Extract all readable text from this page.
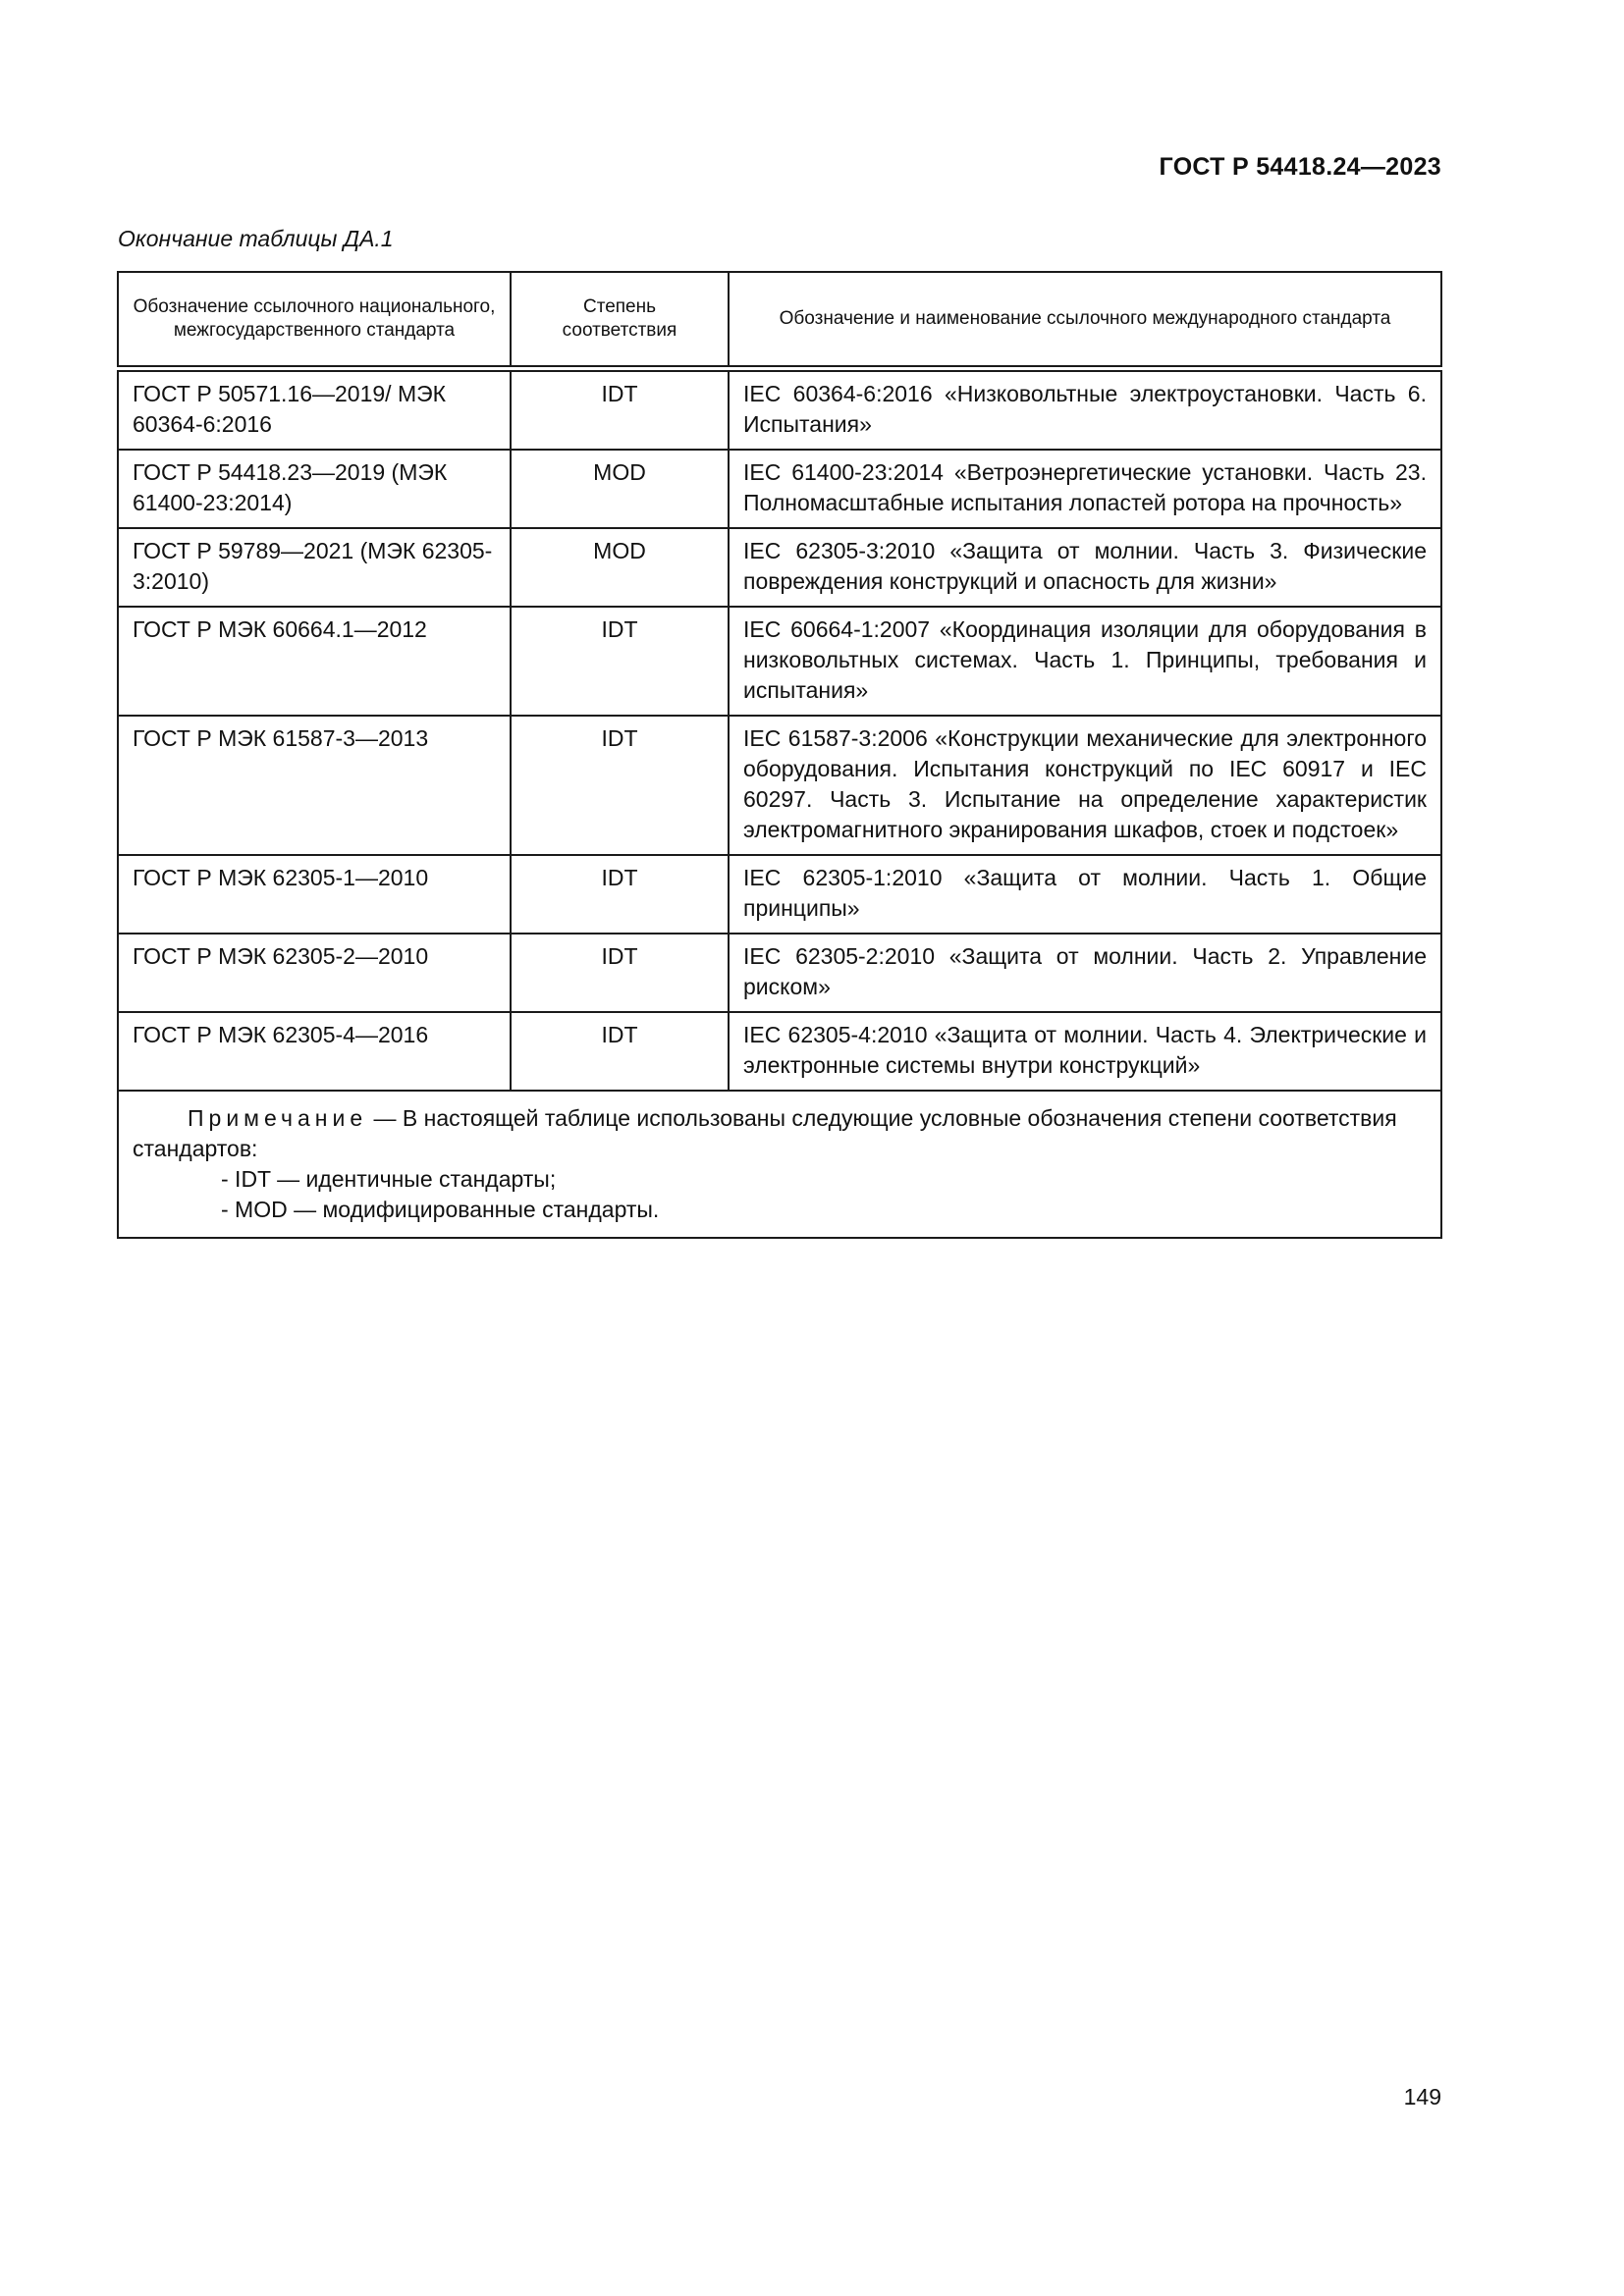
ГОСТ Р 54418.24—2023
Окончание таблицы ДА.1
Обозначение ссылочного национального, межгосударственного стандарта	Степень соответствия	Обозначение и наименование ссылочного международного стандарта
ГОСТ Р 50571.16—2019/ МЭК 60364-6:2016	IDT	IEC 60364-6:2016 «Низковольтные электроустановки. Часть 6. Испытания»
ГОСТ Р 54418.23—2019 (МЭК 61400-23:2014)	MOD	IEC 61400-23:2014 «Ветроэнергетические установки. Часть 23. Полномасштабные испытания лопастей ротора на прочность»
ГОСТ Р 59789—2021 (МЭК 62305-3:2010)	MOD	IEC 62305-3:2010 «Защита от молнии. Часть 3. Физические повреждения конструкций и опасность для жизни»
ГОСТ Р МЭК 60664.1—2012	IDT	IEC 60664-1:2007 «Координация изоляции для оборудования в низковольтных системах. Часть 1. Принципы, требования и испытания»
ГОСТ Р МЭК 61587-3—2013	IDT	IEC 61587-3:2006 «Конструкции механические для электронного оборудования. Испытания конструкций по IEC 60917 и IEC 60297. Часть 3. Испытание на определение характеристик электромагнитного экранирования шкафов, стоек и подстоек»
ГОСТ Р МЭК 62305-1—2010	IDT	IEC 62305-1:2010 «Защита от молнии. Часть 1. Общие принципы»
ГОСТ Р МЭК 62305-2—2010	IDT	IEC 62305-2:2010 «Защита от молнии. Часть 2. Управление риском»
ГОСТ Р МЭК 62305-4—2016	IDT	IEC 62305-4:2010 «Защита от молнии. Часть 4. Электрические и электронные системы внутри конструкций»
Примечание — В настоящей таблице использованы следующие условные обозначения степени соответствия стандартов:
- IDT — идентичные стандарты;
- MOD — модифицированные стандарты.		
149
